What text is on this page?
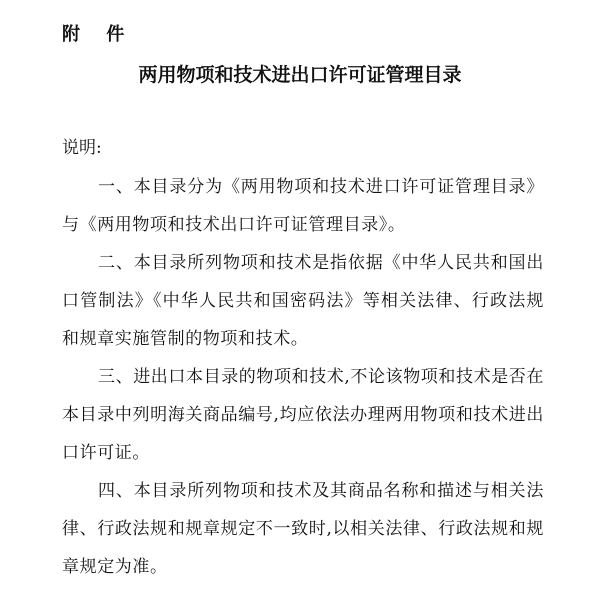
附 件
两用物项和技术进出口许可证管理目录
说明:

一、本目录分为《两用物项和技术进口许可证管理目录》与《两用物项和技术出口许可证管理目录》。

二、本目录所列物项和技术是指依据《中华人民共和国出口管制法》《中华人民共和国密码法》等相关法律、行政法规和规章实施管制的物项和技术。

三、进出口本目录的物项和技术,不论该物项和技术是否在本目录中列明海关商品编号,均应依法办理两用物项和技术进出口许可证。

四、本目录所列物项和技术及其商品名称和描述与相关法律、行政法规和规章规定不一致时,以相关法律、行政法规和规章规定为准。
